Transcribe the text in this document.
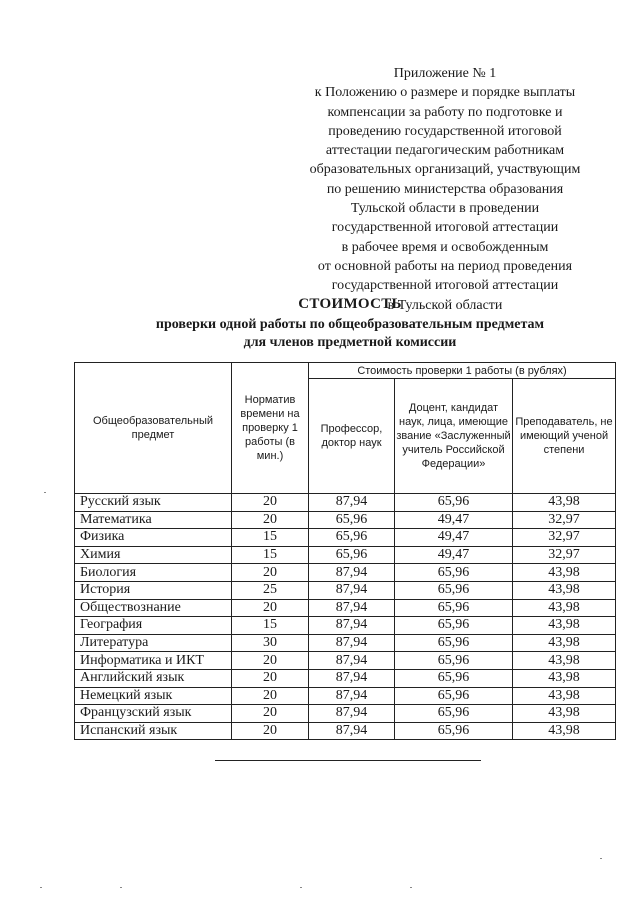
Приложение № 1
к Положению о размере и порядке выплаты
компенсации за работу по подготовке и
проведению государственной итоговой
аттестации педагогическим работникам
образовательных организаций, участвующим
по решению министерства образования
Тульской области в проведении
государственной итоговой аттестации
в рабочее время и освобожденным
от основной работы на период проведения
государственной итоговой аттестации
в Тульской области
СТОИМОСТЬ
проверки одной работы по общеобразовательным предметам
для членов предметной комиссии
Общеобразовательный предмет	Норматив времени на проверку 1 работы (в мин.)	Стоимость проверки 1 работы (в рублях)		
		Профессор, доктор наук	Доцент, кандидат наук, лица, имеющие звание «Заслуженный учитель Российской Федерации»	Преподаватель, не имеющий ученой степени
Русский язык	20	87,94	65,96	43,98
Математика	20	65,96	49,47	32,97
Физика	15	65,96	49,47	32,97
Химия	15	65,96	49,47	32,97
Биология	20	87,94	65,96	43,98
История	25	87,94	65,96	43,98
Обществознание	20	87,94	65,96	43,98
География	15	87,94	65,96	43,98
Литература	30	87,94	65,96	43,98
Информатика и ИКТ	20	87,94	65,96	43,98
Английский язык	20	87,94	65,96	43,98
Немецкий язык	20	87,94	65,96	43,98
Французский язык	20	87,94	65,96	43,98
Испанский язык	20	87,94	65,96	43,98
